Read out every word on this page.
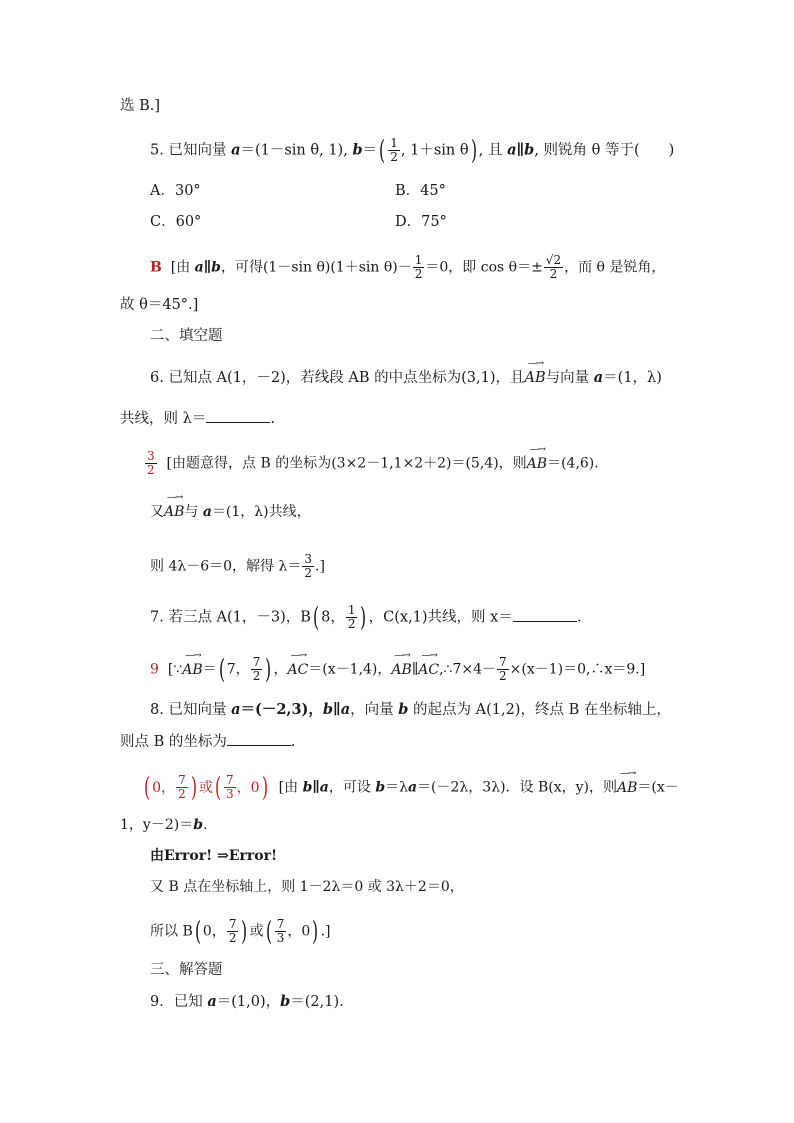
选 B.]
5. 已知向量 a＝(1－sin θ, 1), $b=( \frac{1}{2}$ , 1＋sin θ) , 且 a∥b, 则锐角 θ 等于(　　)
A．30°	B．45°
C．60°	D．75°
B [由 a∥b，可得(1－sin θ)(1＋sin $\theta)- \frac{1}{2} =0$，即 $\cos \theta=\pm \frac{√2}{2}$ ，而 θ 是锐角，
故 θ＝45°.]
二、填空题
6. 已知点 A(1，－2)，若线段 AB 的中点坐标为(3,1)，且
—→
AB与向量 a＝(1，λ)
共线，则 λ＝	.
$\frac{3}{2}$ [由题意得，点 B 的坐标为(3×2－1,1×2＋2)＝(5,4)，则
—→
AB＝(4,6).
又
—→
AB与 a＝(1，λ)共线，
则 4λ－6＝0，解得 $\lambda= \frac{3}{2}$ .]
7. 若三点 A(1，－3)，B( 8， $\frac{1}{2}$ ) ，C(x,1)共线，则 x＝	.
9 [∵
—→
AB＝( 7， $\frac{7}{2}$ ) ，
—→
AC＝(x－1,4)，
—→
AB∥
—→
AC,∴7×4－ $\frac{7}{2}$ ×(x－1)＝0,∴x＝9.]
8. 已知向量 a＝(－2,3)，b∥a，向量 b 的起点为 A(1,2)，终点 B 在坐标轴上，
则点 B 的坐标为	.
( 0， $\frac{7}{2}$ ) 或( $\frac{7}{3}$ ，0) [由 b∥a，可设 b＝λa＝(－2λ，3λ)．设 B(x，y)，则
—→
AB＝(x－
1，y－2)＝b.
由Error! ⇒Error!
又 B 点在坐标轴上，则 1－2λ＝0 或 3λ＋2＝0，
所以 B( 0， $\frac{7}{2}$ ) 或( $\frac{7}{3}$ ，0) .]
三、解答题
9．已知 a＝(1,0)，b＝(2,1).
